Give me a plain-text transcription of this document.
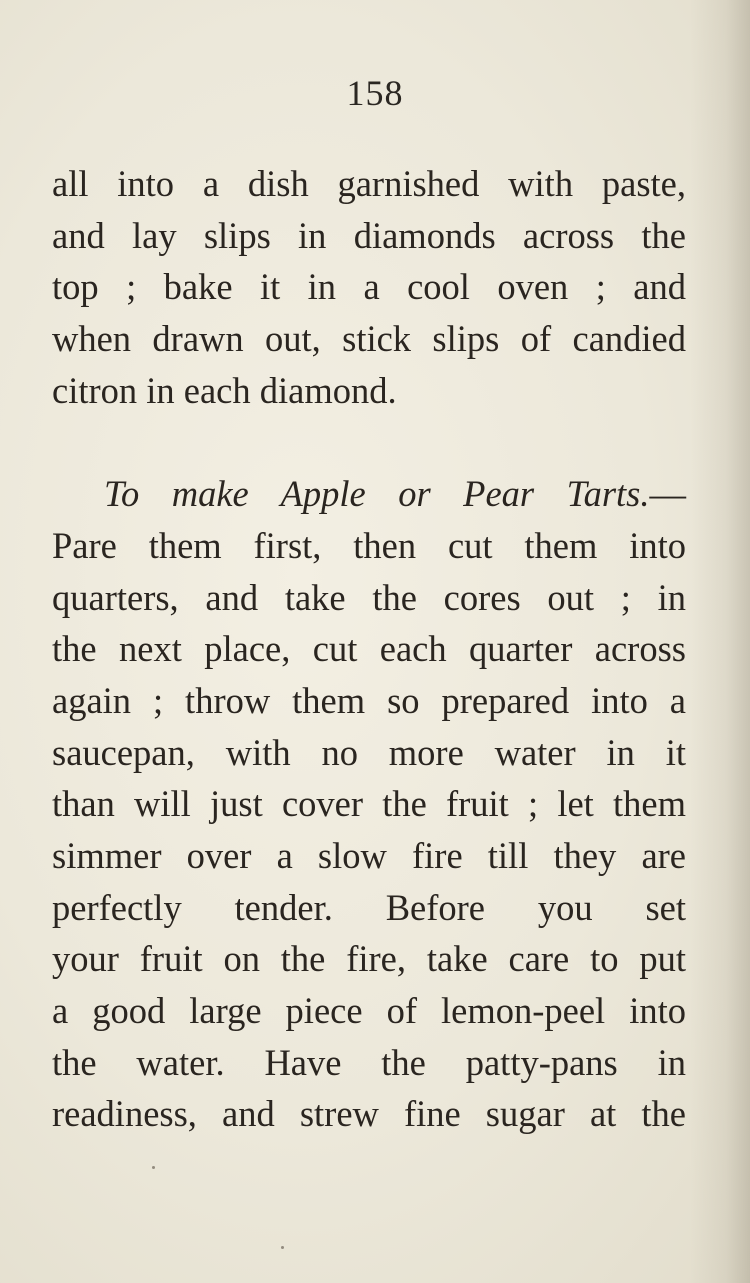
158
all into a dish garnished with paste,
and lay slips in diamonds across the
top ; bake it in a cool oven ; and
when drawn out, stick slips of candied
citron in each diamond.
To make Apple or Pear Tarts.—
Pare them first, then cut them into
quarters, and take the cores out ; in
the next place, cut each quarter across
again ; throw them so prepared into a
saucepan, with no more water in it
than will just cover the fruit ; let them
simmer over a slow fire till they are
perfectly tender. Before you set
your fruit on the fire, take care to put
a good large piece of lemon-peel into
the water. Have the patty-pans in
readiness, and strew fine sugar at the
